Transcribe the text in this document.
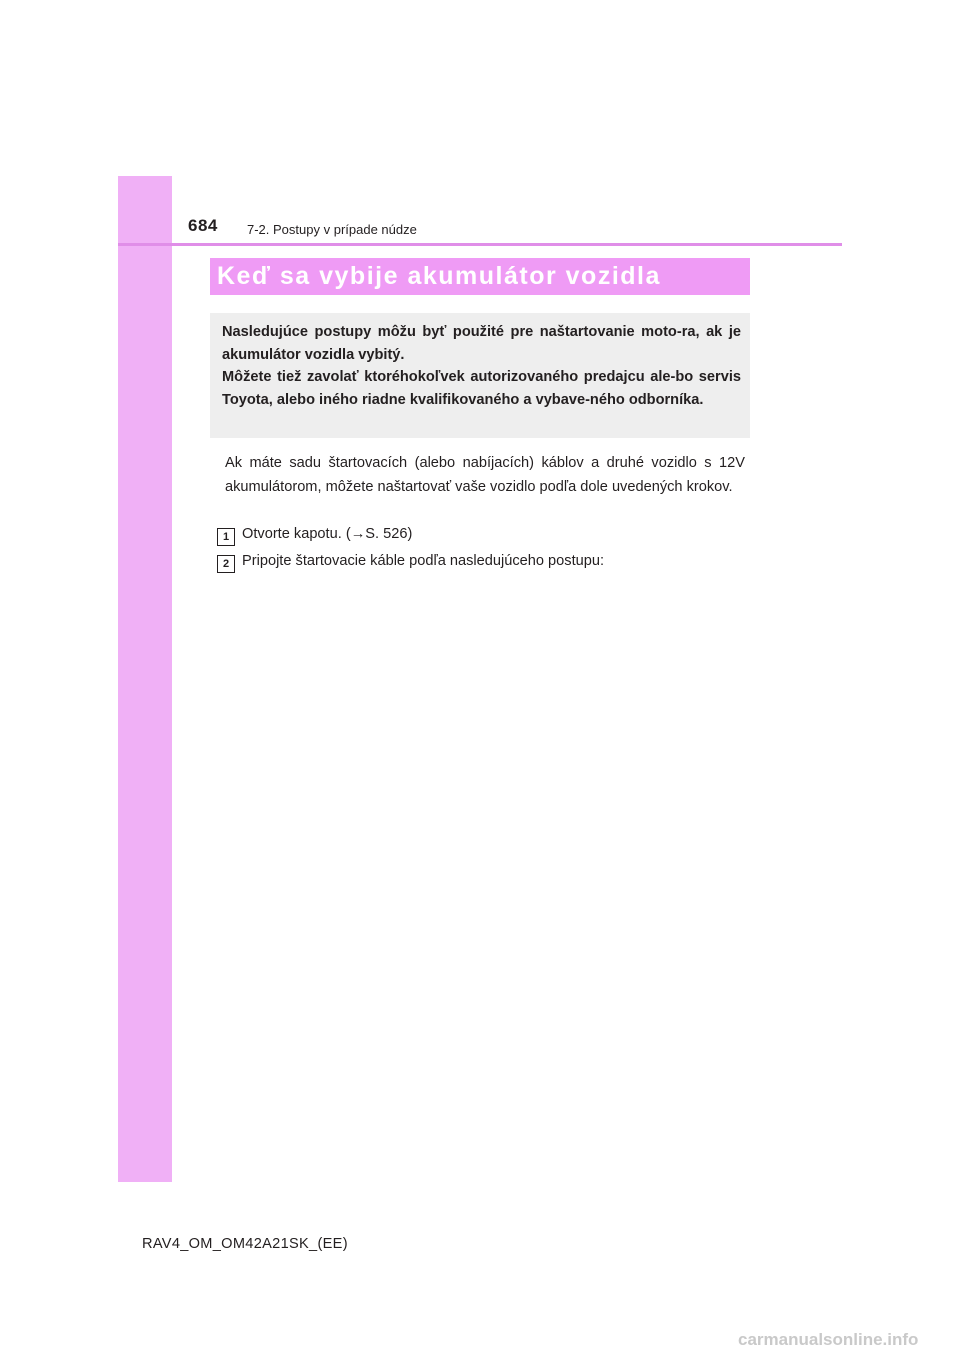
684 7-2. Postupy v prípade núdze
Keď sa vybije akumulátor vozidla

Nasledujúce postupy môžu byť použité pre naštartovanie moto-ra, ak je akumulátor vozidla vybitý.

Môžete tiež zavolať ktoréhokoľvek autorizovaného predajcu ale-bo servis Toyota, alebo iného riadne kvalifikovaného a vybave-ného odborníka.

Ak máte sadu štartovacích (alebo nabíjacích) káblov a druhé vozidlo s 12V akumulátorom, môžete naštartovať vaše vozidlo podľa dole uvedených krokov.

1 Otvorte kapotu. (→S. 526)
2 Pripojte štartovacie káble podľa nasledujúceho postupu:
RAV4_OM_OM42A21SK_(EE)
carmanualsonline.info
